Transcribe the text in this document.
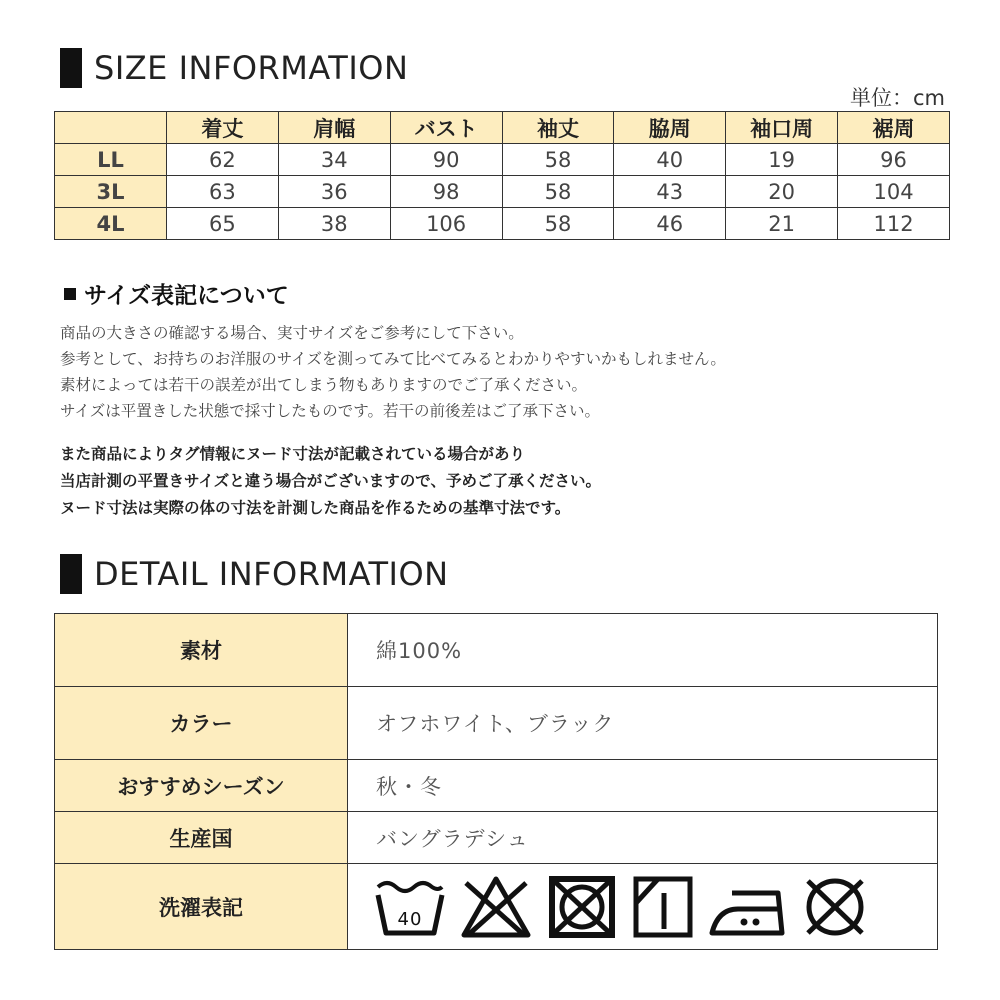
SIZE INFORMATION
単位：cm
	着丈	肩幅	バスト	袖丈	脇周	袖口周	裾周
LL	62	34	90	58	40	19	96
3L	63	36	98	58	43	20	104
4L	65	38	106	58	46	21	112
サイズ表記について
商品の大きさの確認する場合、実寸サイズをご参考にして下さい。
参考として、お持ちのお洋服のサイズを測ってみて比べてみるとわかりやすいかもしれません。
素材によっては若干の誤差が出てしまう物もありますのでご了承ください。
サイズは平置きした状態で採寸したものです。若干の前後差はご了承下さい。
また商品によりタグ情報にヌード寸法が記載されている場合があり
当店計測の平置きサイズと違う場合がございますので、予めご了承ください。
ヌード寸法は実際の体の寸法を計測した商品を作るための基準寸法です。
DETAIL INFORMATION
素材	綿100%
カラー	オフホワイト、ブラック
おすすめシーズン	秋・冬
生産国	バングラデシュ
洗濯表記	40
